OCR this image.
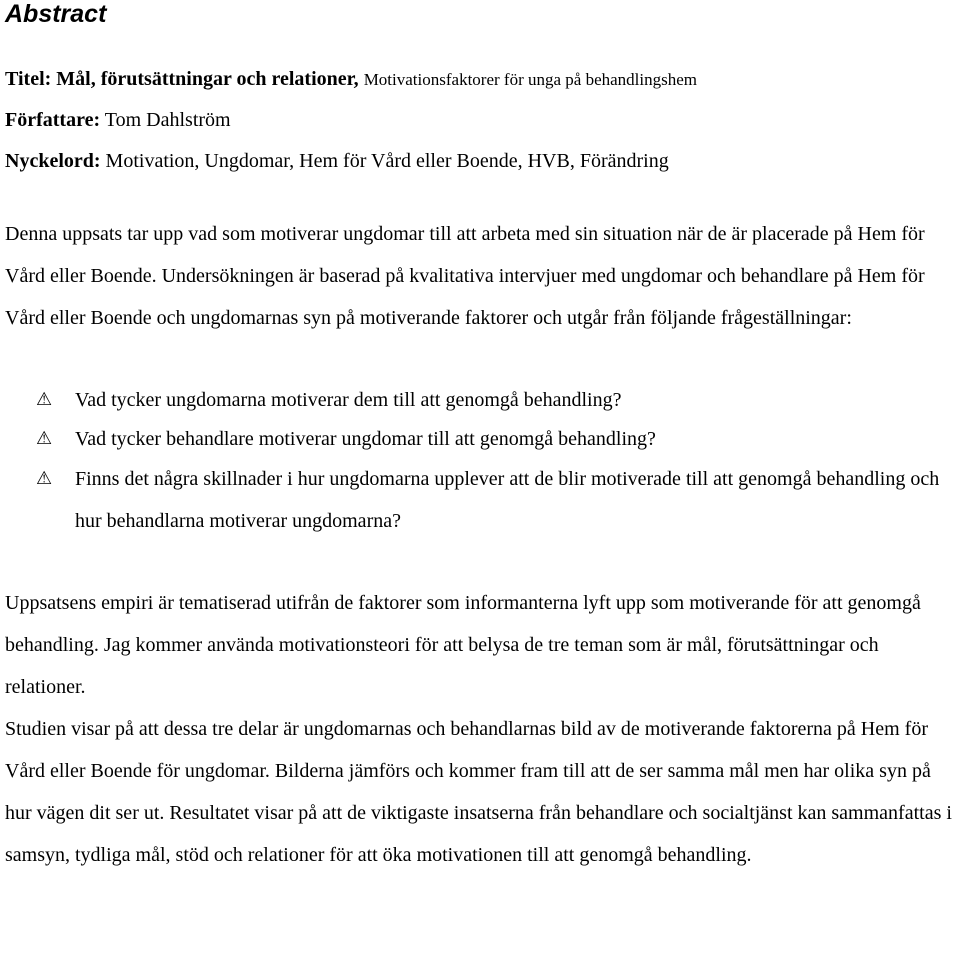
Abstract
Titel: Mål, förutsättningar och relationer, Motivationsfaktorer för unga på behandlingshem
Författare: Tom Dahlström
Nyckelord: Motivation, Ungdomar, Hem för Vård eller Boende, HVB, Förändring

Denna uppsats tar upp vad som motiverar ungdomar till att arbeta med sin situation när de är placerade på Hem för Vård eller Boende. Undersökningen är baserad på kvalitativa intervjuer med ungdomar och behandlare på Hem för Vård eller Boende och ungdomarnas syn på motiverande faktorer och utgår från följande frågeställningar:

⚠ Vad tycker ungdomarna motiverar dem till att genomgå behandling?
⚠ Vad tycker behandlare motiverar ungdomar till att genomgå behandling?
⚠ Finns det några skillnader i hur ungdomarna upplever att de blir motiverade till att genomgå behandling och hur behandlarna motiverar ungdomarna?

Uppsatsens empiri är tematiserad utifrån de faktorer som informanterna lyft upp som motiverande för att genomgå behandling. Jag kommer använda motivationsteori för att belysa de tre teman som är mål, förutsättningar och relationer.

Studien visar på att dessa tre delar är ungdomarnas och behandlarnas bild av de motiverande faktorerna på Hem för Vård eller Boende för ungdomar. Bilderna jämförs och kommer fram till att de ser samma mål men har olika syn på hur vägen dit ser ut. Resultatet visar på att de viktigaste insatserna från behandlare och socialtjänst kan sammanfattas i samsyn, tydliga mål, stöd och relationer för att öka motivationen till att genomgå behandling.
